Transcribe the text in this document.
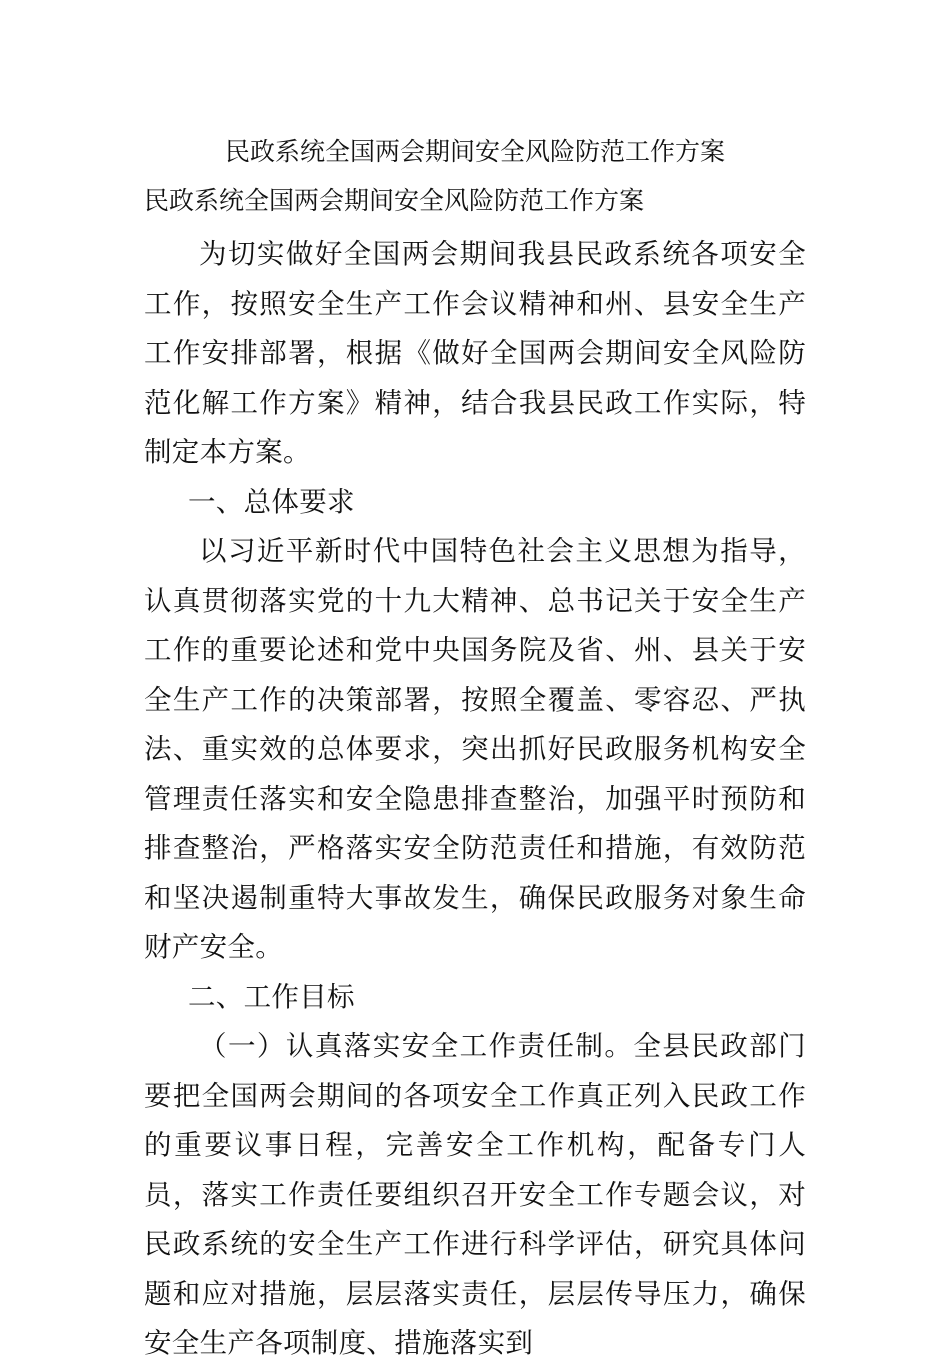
民政系统全国两会期间安全风险防范工作方案
民政系统全国两会期间安全风险防范工作方案

为切实做好全国两会期间我县民政系统各项安全工作，按照安全生产工作会议精神和州、县安全生产工作安排部署，根据《做好全国两会期间安全风险防范化解工作方案》精神，结合我县民政工作实际，特制定本方案。

一、总体要求

以习近平新时代中国特色社会主义思想为指导，认真贯彻落实党的十九大精神、总书记关于安全生产工作的重要论述和党中央国务院及省、州、县关于安全生产工作的决策部署，按照全覆盖、零容忍、严执法、重实效的总体要求，突出抓好民政服务机构安全管理责任落实和安全隐患排查整治，加强平时预防和排查整治，严格落实安全防范责任和措施，有效防范和坚决遏制重特大事故发生，确保民政服务对象生命财产安全。

二、工作目标

（一）认真落实安全工作责任制。全县民政部门要把全国两会期间的各项安全工作真正列入民政工作的重要议事日程，完善安全工作机构，配备专门人员，落实工作责任要组织召开安全工作专题会议，对民政系统的安全生产工作进行科学评估，研究具体问题和应对措施，层层落实责任，层层传导压力，确保安全生产各项制度、措施落实到
